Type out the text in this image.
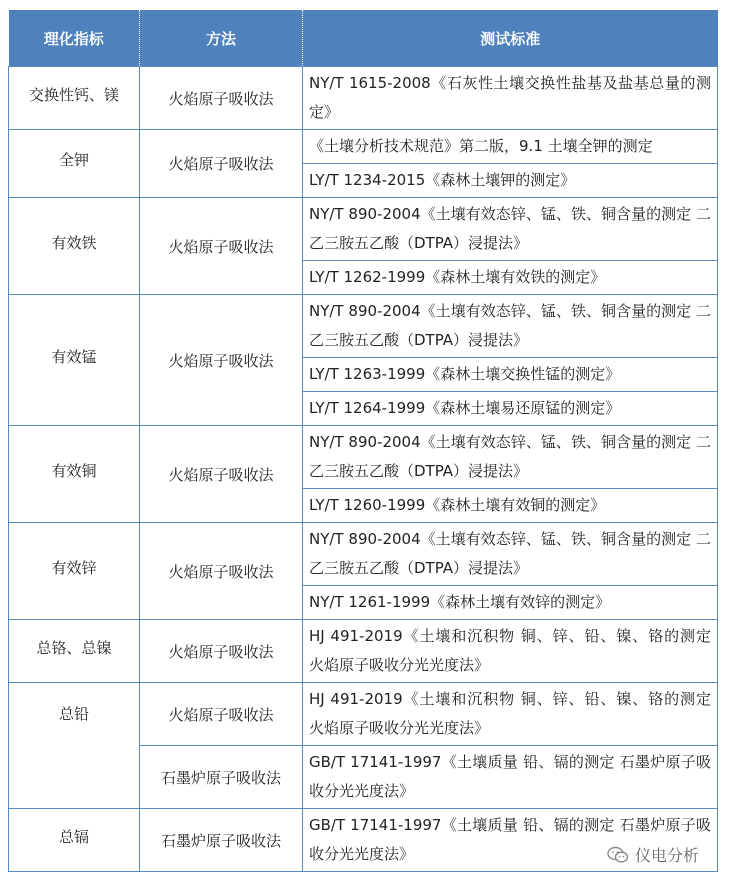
理化指标	方法	测试标准
交换性钙、镁	火焰原子吸收法	NY/T 1615-2008《石灰性土壤交换性盐基及盐基总量的测定》
全钾	火焰原子吸收法	《土壤分析技术规范》第二版，9.1 土壤全钾的测定
		LY/T 1234-2015《森林土壤钾的测定》
有效铁	火焰原子吸收法	NY/T 890-2004《土壤有效态锌、锰、铁、铜含量的测定 二乙三胺五乙酸（DTPA）浸提法》
		LY/T 1262-1999《森林土壤有效铁的测定》
有效锰	火焰原子吸收法	NY/T 890-2004《土壤有效态锌、锰、铁、铜含量的测定 二乙三胺五乙酸（DTPA）浸提法》
		LY/T 1263-1999《森林土壤交换性锰的测定》
		LY/T 1264-1999《森林土壤易还原锰的测定》
有效铜	火焰原子吸收法	NY/T 890-2004《土壤有效态锌、锰、铁、铜含量的测定 二乙三胺五乙酸（DTPA）浸提法》
		LY/T 1260-1999《森林土壤有效铜的测定》
有效锌	火焰原子吸收法	NY/T 890-2004《土壤有效态锌、锰、铁、铜含量的测定 二乙三胺五乙酸（DTPA）浸提法》
		NY/T 1261-1999《森林土壤有效锌的测定》
总铬、总镍	火焰原子吸收法	HJ 491-2019《土壤和沉积物 铜、锌、铅、镍、铬的测定 火焰原子吸收分光光度法》
总铅	火焰原子吸收法	HJ 491-2019《土壤和沉积物 铜、锌、铅、镍、铬的测定 火焰原子吸收分光光度法》
	石墨炉原子吸收法	GB/T 17141-1997《土壤质量 铅、镉的测定 石墨炉原子吸收分光光度法》
总镉	石墨炉原子吸收法	GB/T 17141-1997《土壤质量 铅、镉的测定 石墨炉原子吸收分光光度法》	仪电分析
